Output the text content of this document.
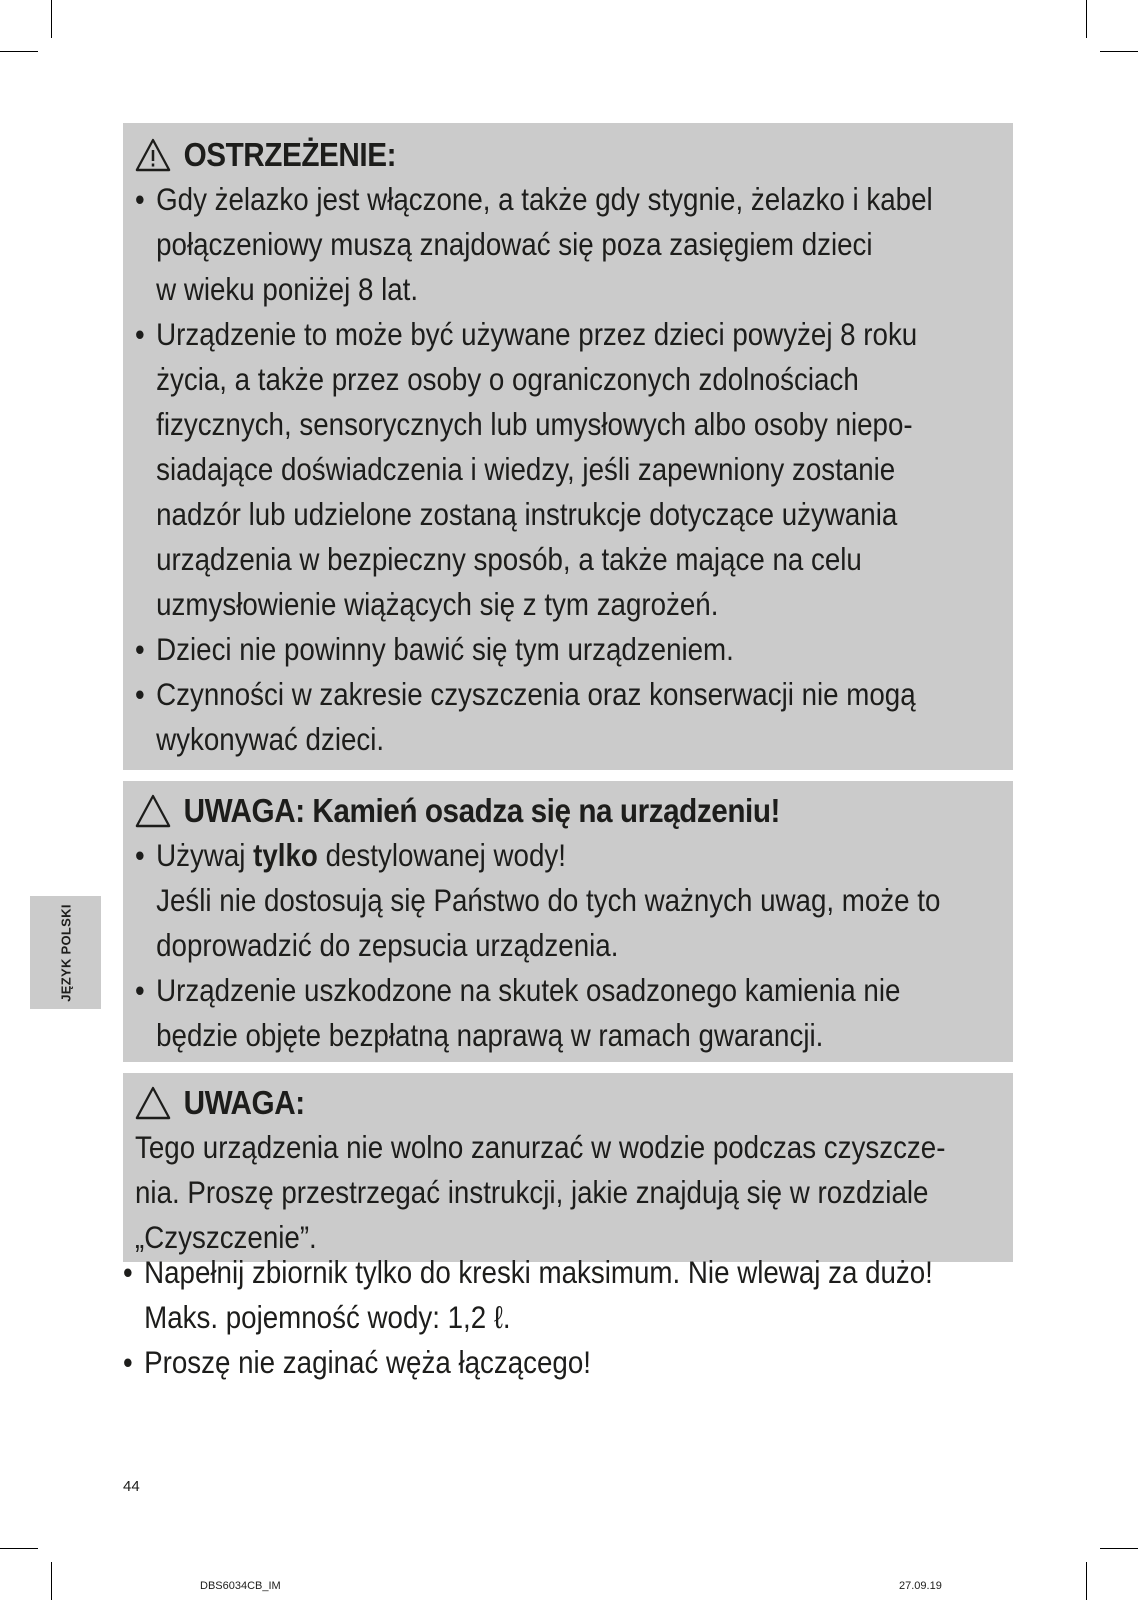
OSTRZEŻENIE:
• Gdy żelazko jest włączone, a także gdy stygnie, żelazko i kabel
połączeniowy muszą znajdować się poza zasięgiem dzieci
w wieku poniżej 8 lat.
• Urządzenie to może być używane przez dzieci powyżej 8 roku
życia, a także przez osoby o ograniczonych zdolnościach
fizycznych, sensorycznych lub umysłowych albo osoby niepo-
siadające doświadczenia i wiedzy, jeśli zapewniony zostanie
nadzór lub udzielone zostaną instrukcje dotyczące używania
urządzenia w bezpieczny sposób, a także mające na celu
uzmysłowienie wiążących się z tym zagrożeń.
• Dzieci nie powinny bawić się tym urządzeniem.
• Czynności w zakresie czyszczenia oraz konserwacji nie mogą
wykonywać dzieci.
UWAGA: Kamień osadza się na urządzeniu!
• Używaj tylko destylowanej wody!
Jeśli nie dostosują się Państwo do tych ważnych uwag, może to
doprowadzić do zepsucia urządzenia.
• Urządzenie uszkodzone na skutek osadzonego kamienia nie
będzie objęte bezpłatną naprawą w ramach gwarancji.
UWAGA:
Tego urządzenia nie wolno zanurzać w wodzie podczas czyszcze-
nia. Proszę przestrzegać instrukcji, jakie znajdują się w rozdziale
„Czyszczenie”.
• Napełnij zbiornik tylko do kreski maksimum. Nie wlewaj za dużo!
Maks. pojemność wody: 1,2 ℓ.
• Proszę nie zaginać węża łączącego!
JĘZYK POLSKI
44
DBS6034CB_IM	27.09.19
